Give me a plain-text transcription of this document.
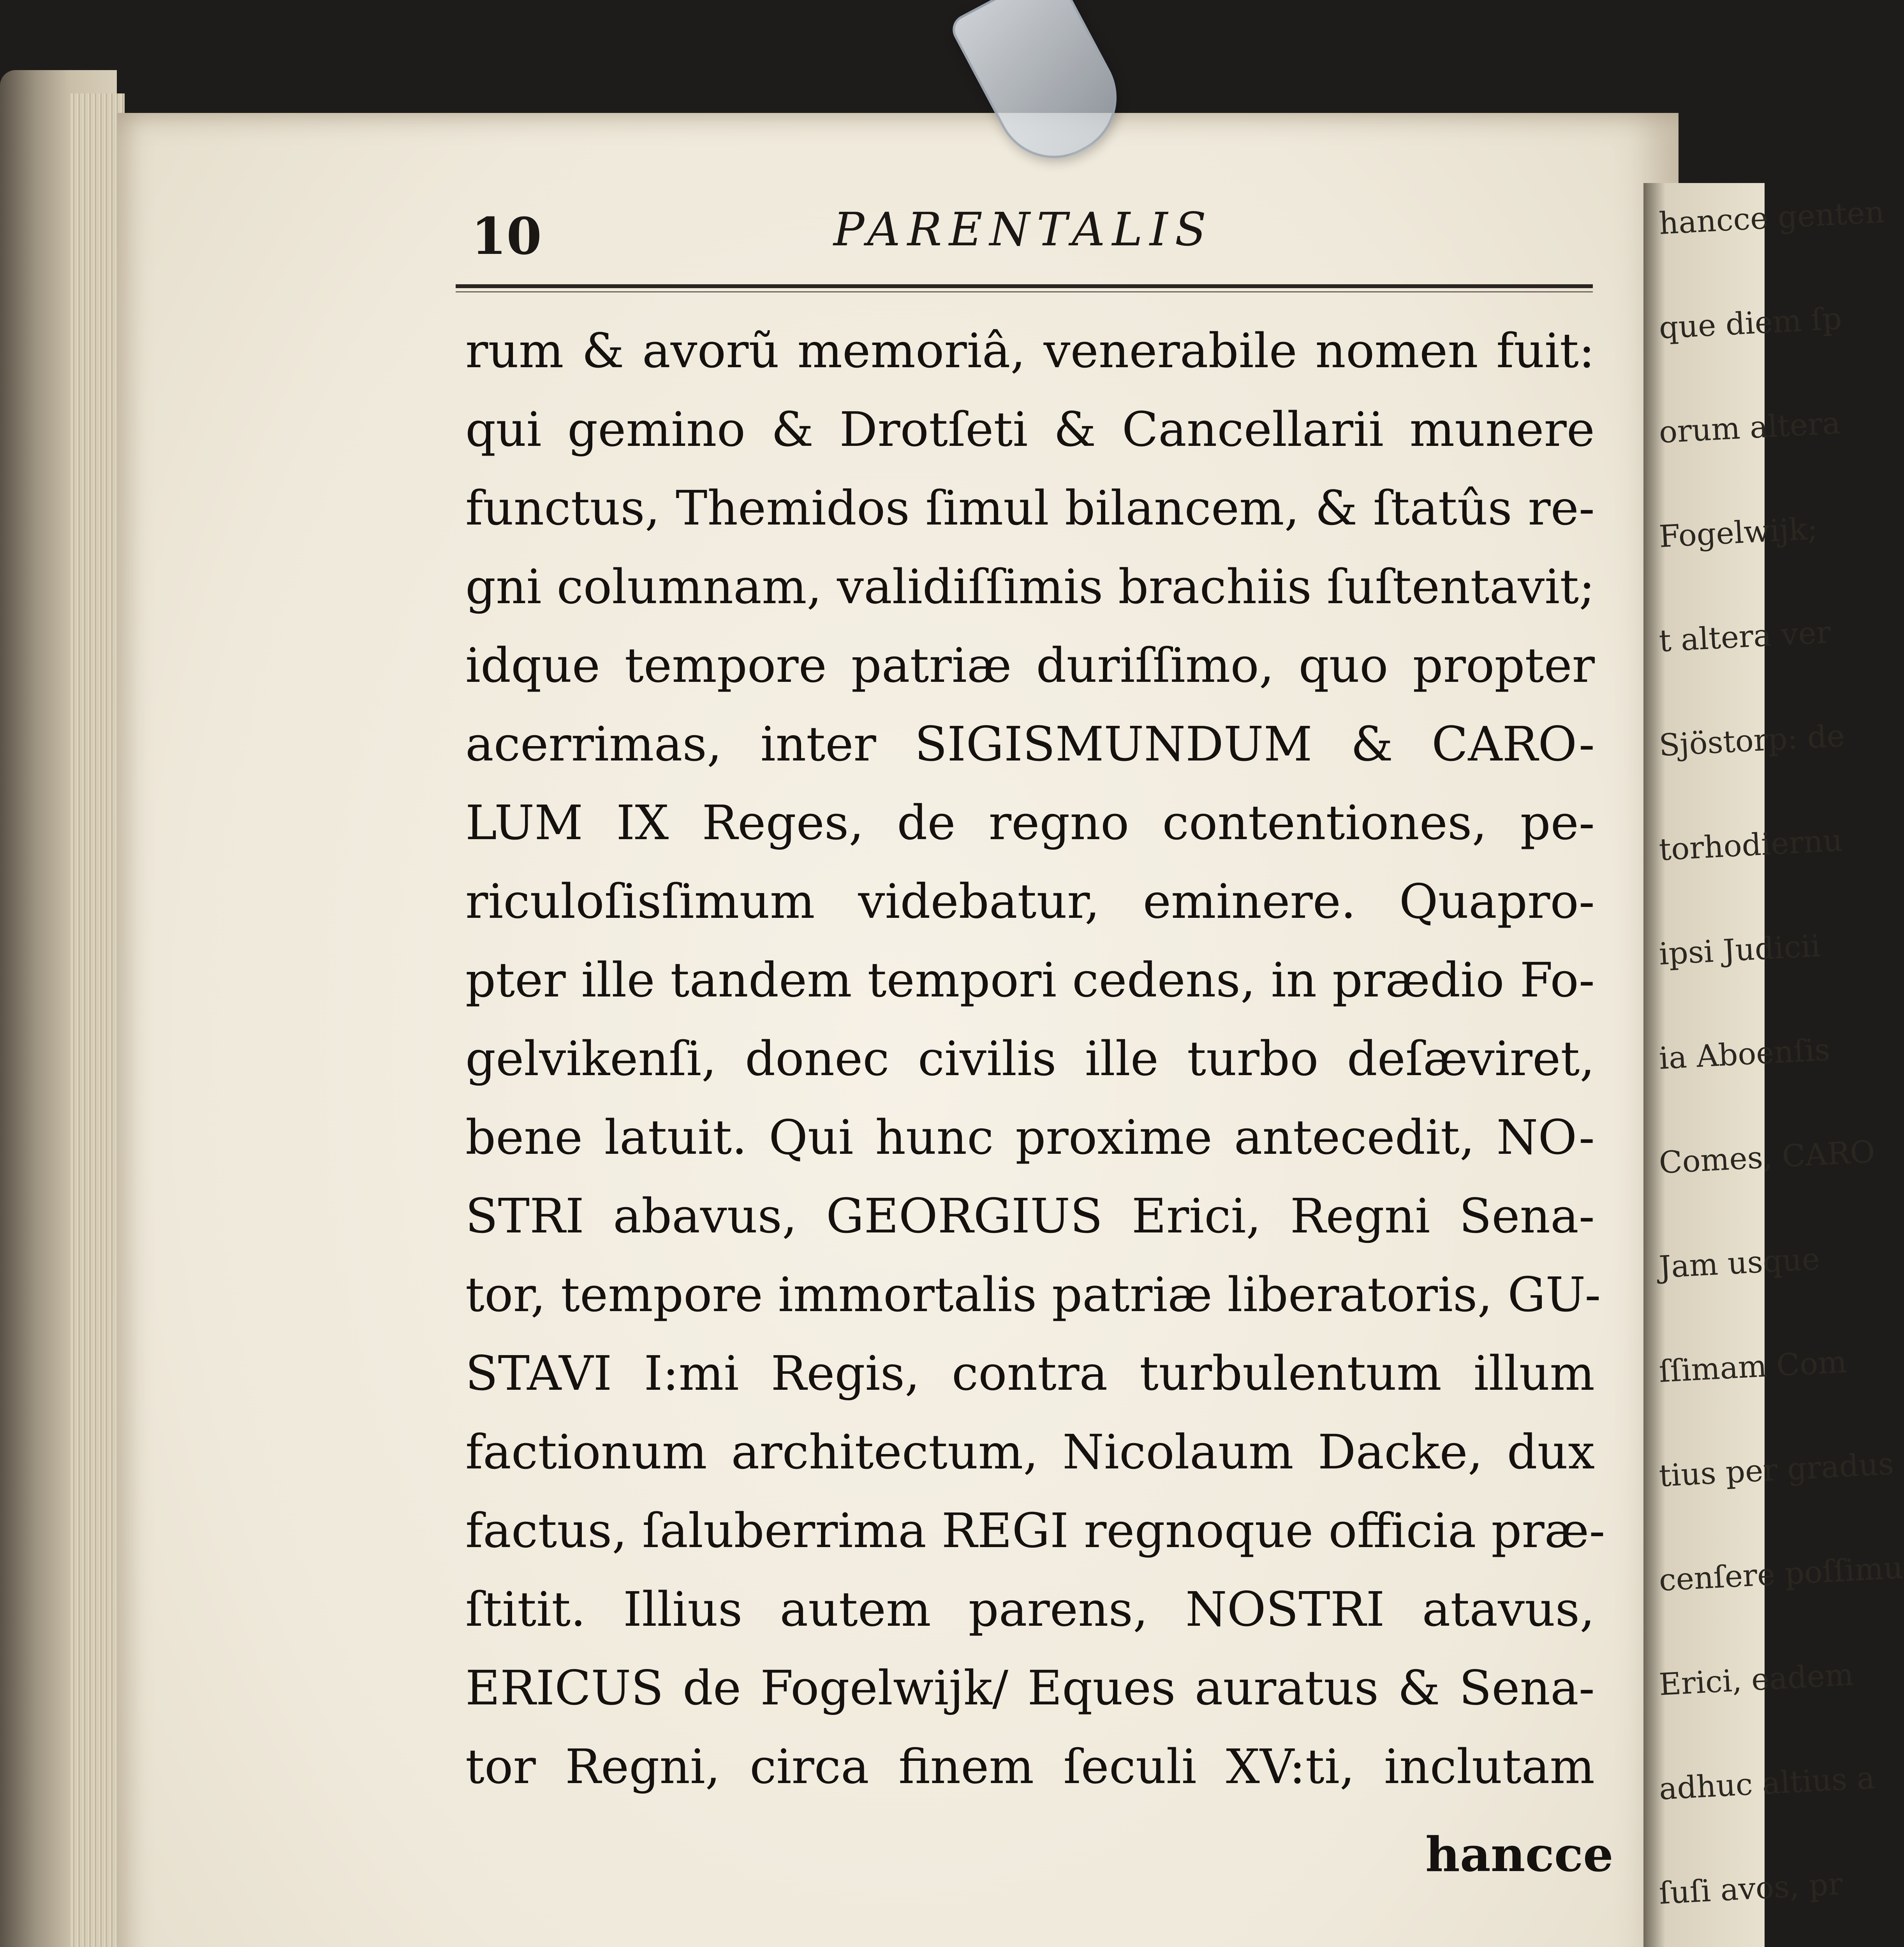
hancce genten
que diem ſp
orum altera
Fogelwijk;
t altera ver
Sjöstorp: de
torhodiernu
ipsi Judicii
ia Aboenſis
Comes, CARO
Jam usque
ſſimam Com
tius per gradus
cenſere poſſimu
Erici, eadem
adhuc altius a
ſuſi avos, pr

10	PARENTALIS

rum & avorũ memoriâ, venerabile nomen fuit:
qui gemino & Drotſeti & Cancellarii munere
functus, Themidos ſimul bilancem, & ſtatûs re-
gni columnam, validiſſimis brachiis ſuſtentavit;
idque tempore patriæ duriſſimo, quo propter
acerrimas, inter SIGISMUNDUM & CARO-
LUM IX Reges, de regno contentiones, pe-
riculoſisſimum videbatur, eminere. Quapro-
pter ille tandem tempori cedens, in prædio Fo-
gelvikenſi, donec civilis ille turbo deſæviret,
bene latuit. Qui hunc proxime antecedit, NO-
STRI abavus, GEORGIUS Erici, Regni Sena-
tor, tempore immortalis patriæ liberatoris, GU-
STAVI I:mi Regis, contra turbulentum illum
factionum architectum, Nicolaum Dacke, dux
factus, ſaluberrima REGI regnoque officia præ-
ſtitit. Illius autem parens, NOSTRI atavus,
ERICUS de Fogelwijk/ Eques auratus & Sena-
tor Regni, circa finem ſeculi XV:ti, inclutam

hancce
